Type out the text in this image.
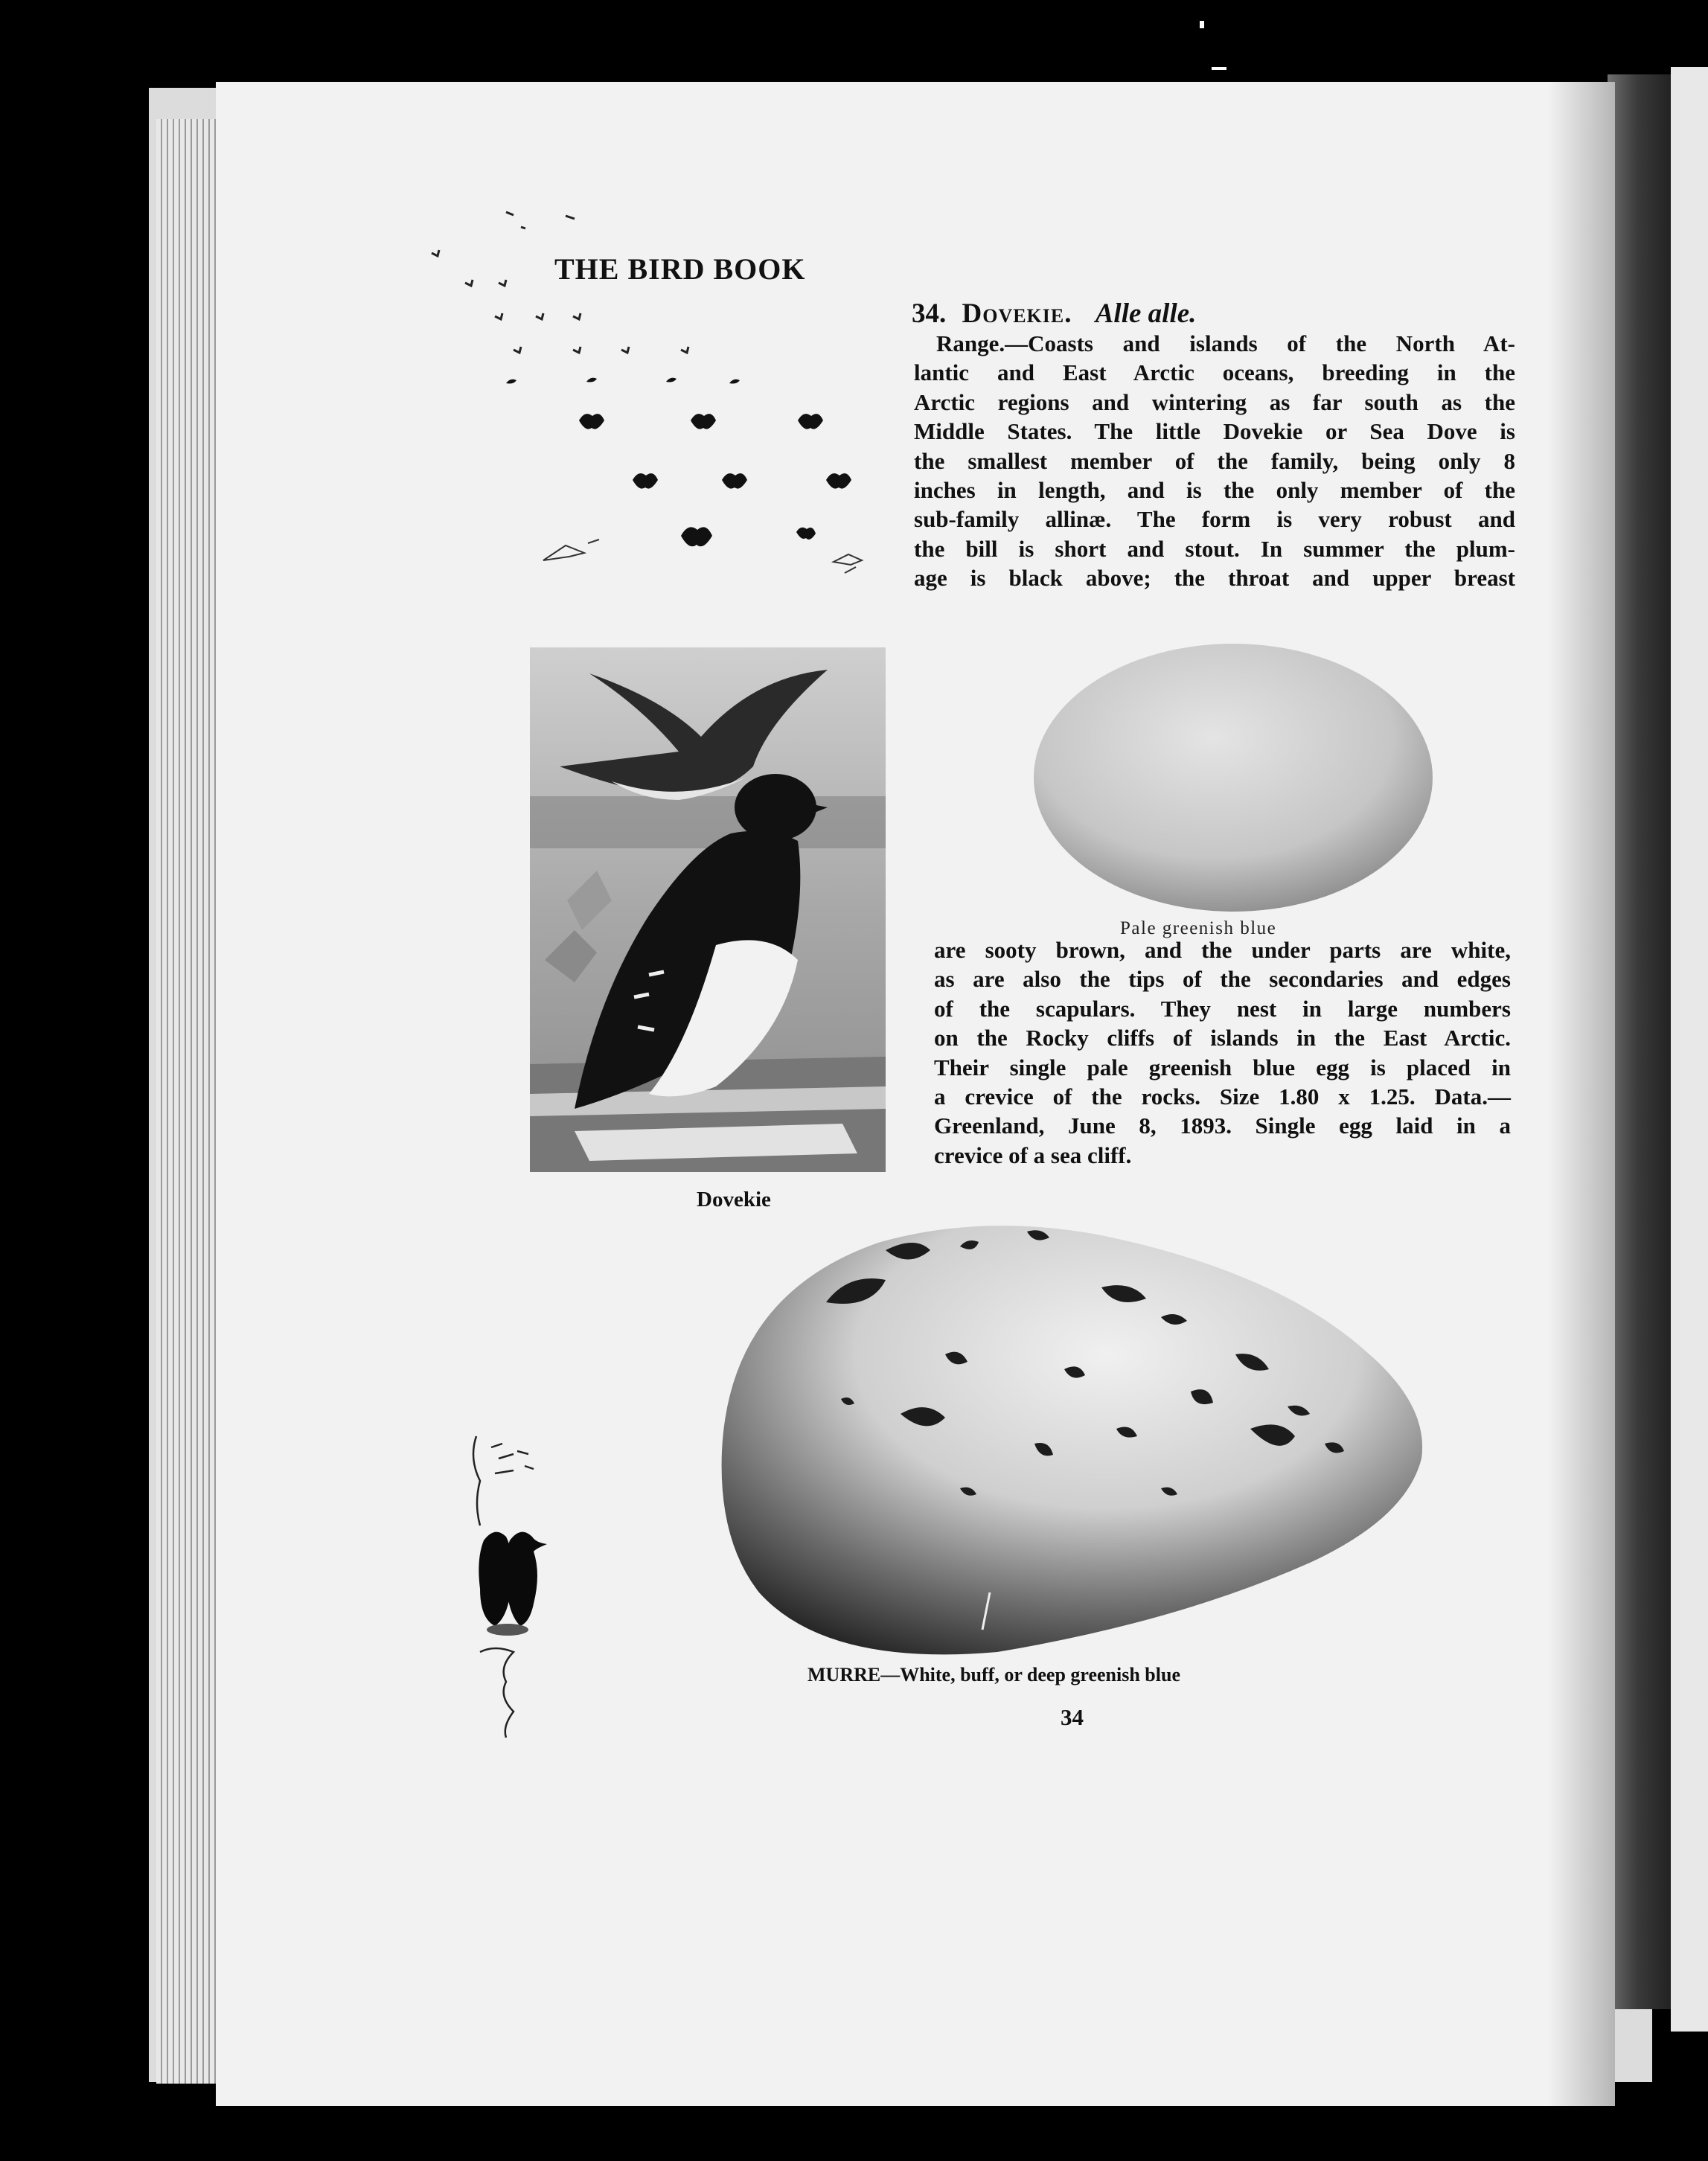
THE BIRD BOOK
34. Dovekie. Alle alle.
Range.—Coasts and islands of the North At-
lantic and East Arctic oceans, breeding in the
Arctic regions and wintering as far south as the
Middle States. The little Dovekie or Sea Dove is
the smallest member of the family, being only 8
inches in length, and is the only member of the
sub-family allinæ. The form is very robust and
the bill is short and stout. In summer the plum-
age is black above; the throat and upper breast
Dovekie
Pale greenish blue
are sooty brown, and the under parts are white,
as are also the tips of the secondaries and edges
of the scapulars. They nest in large numbers
on the Rocky cliffs of islands in the East Arctic.
Their single pale greenish blue egg is placed in
a crevice of the rocks. Size 1.80 x 1.25. Data.—
Greenland, June 8, 1893. Single egg laid in a
crevice of a sea cliff.
MURRE—White, buff, or deep greenish blue
34
